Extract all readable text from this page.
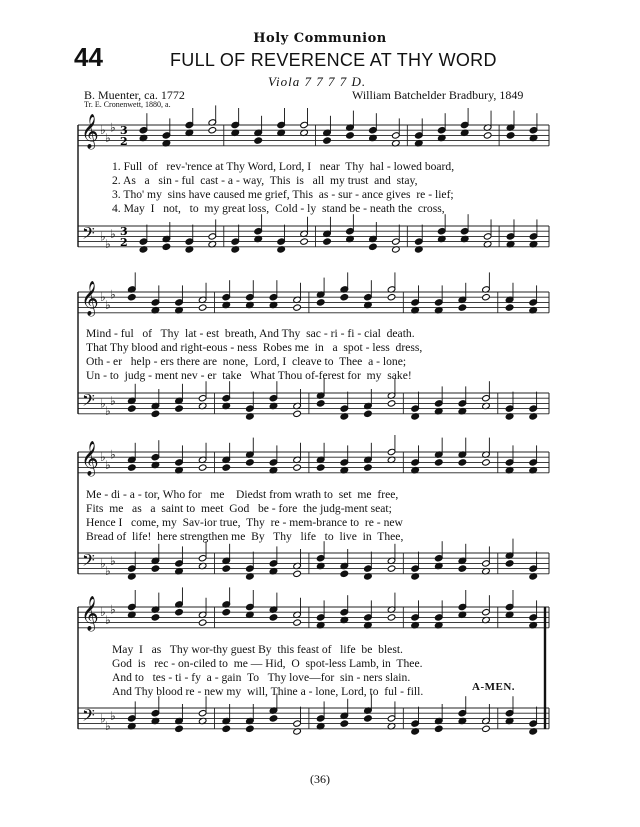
Holy Communion
44	FULL OF REVERENCE AT THY WORD
Viola 7 7 7 7 D.
B. Muenter, ca. 1772	William Batchelder Bradbury, 1849
Tr. E. Cronenwett, 1880, a.
𝄞
𝄢
♭
♭
♭
♭
♭
♭
3
2
3
2
𝄞
𝄢
♭
♭
♭
♭
♭
♭
𝄞
𝄢
♭
♭
♭
♭
♭
♭
𝄞
𝄢
♭
♭
♭
♭
♭
♭
1. Full  of   rev-'rence at Thy Word, Lord, I   near  Thy  hal - lowed board,
2. As   a   sin - ful  cast - a - way,  This  is   all  my trust  and  stay,
3. Tho' my  sins have caused me grief, This  as - sur - ance gives  re - lief;
4. May  I   not,   to  my great loss,  Cold - ly  stand be - neath the  cross,
Mind - ful   of   Thy  lat - est  breath, And Thy  sac - ri - fi - cial  death.
That Thy blood and right-eous - ness  Robes me  in   a  spot - less  dress,
Oth - er   help - ers there are  none,  Lord, I  cleave to  Thee  a - lone;
Un - to  judg - ment nev - er  take   What Thou of-ferest for  my  sake!
Me - di - a - tor, Who for   me    Diedst from wrath to  set  me  free,
Fits  me   as   a  saint to  meet  God   be - fore  the judg-ment seat;
Hence I   come, my  Sav-ior true,  Thy  re - mem-brance to  re - new
Bread of  life!  here strengthen me  By   Thy   life   to  live  in  Thee,
May  I   as   Thy wor-thy guest By  this feast of   life  be  blest.
God  is   rec - on-ciled to  me — Hid,  O  spot-less Lamb, in  Thee.
And to   tes - ti - fy  a - gain  To   Thy love—for  sin - ners slain.
And Thy blood re - new my  will, Thine a - lone, Lord, to  ful - fill.	A-MEN.
(36)
